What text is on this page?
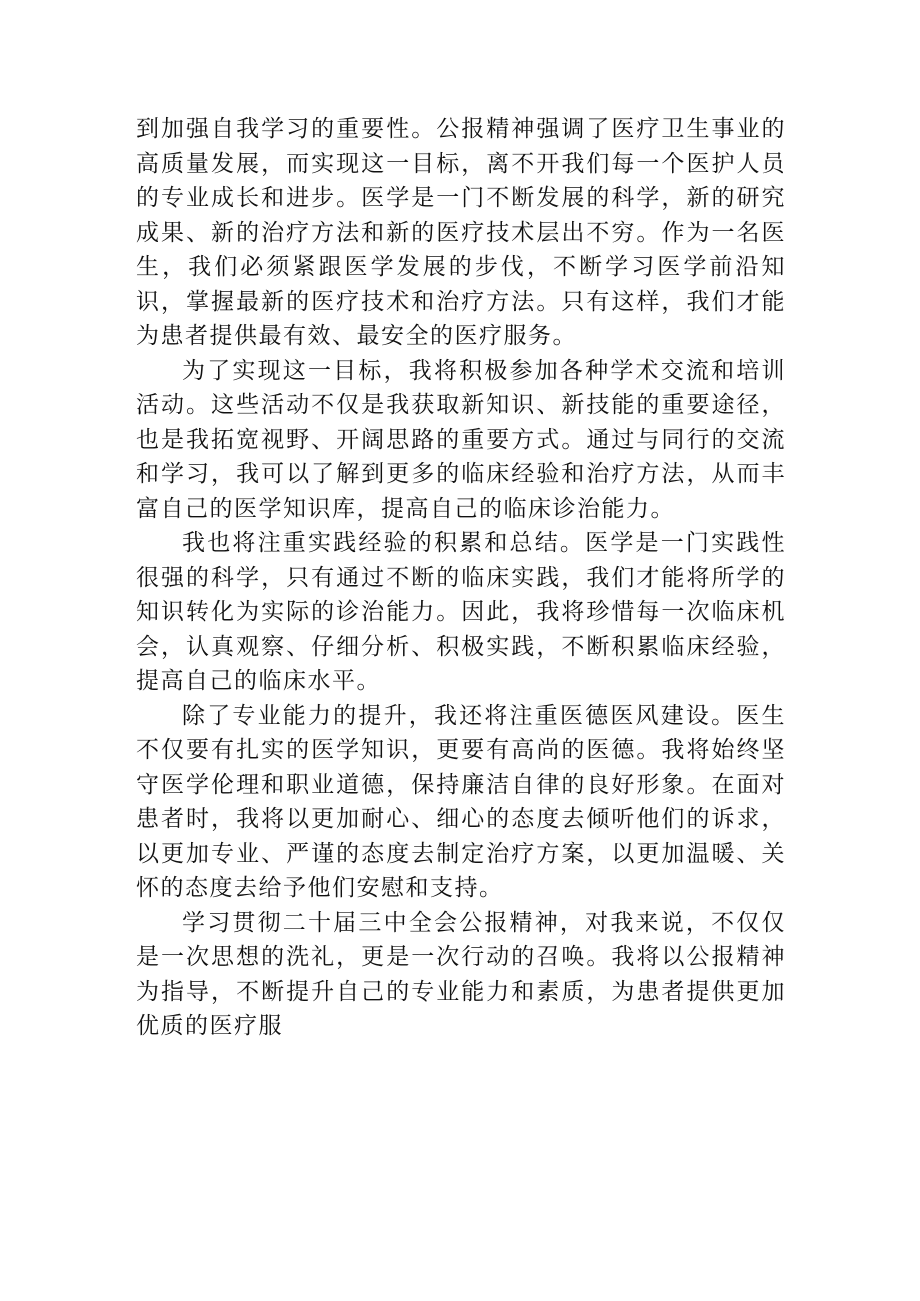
到加强自我学习的重要性。公报精神强调了医疗卫生事业的高质量发展，而实现这一目标，离不开我们每一个医护人员的专业成长和进步。医学是一门不断发展的科学，新的研究成果、新的治疗方法和新的医疗技术层出不穷。作为一名医生，我们必须紧跟医学发展的步伐，不断学习医学前沿知识，掌握最新的医疗技术和治疗方法。只有这样，我们才能为患者提供最有效、最安全的医疗服务。

为了实现这一目标，我将积极参加各种学术交流和培训活动。这些活动不仅是我获取新知识、新技能的重要途径，也是我拓宽视野、开阔思路的重要方式。通过与同行的交流和学习，我可以了解到更多的临床经验和治疗方法，从而丰富自己的医学知识库，提高自己的临床诊治能力。

我也将注重实践经验的积累和总结。医学是一门实践性很强的科学，只有通过不断的临床实践，我们才能将所学的知识转化为实际的诊治能力。因此，我将珍惜每一次临床机会，认真观察、仔细分析、积极实践，不断积累临床经验，提高自己的临床水平。

除了专业能力的提升，我还将注重医德医风建设。医生不仅要有扎实的医学知识，更要有高尚的医德。我将始终坚守医学伦理和职业道德，保持廉洁自律的良好形象。在面对患者时，我将以更加耐心、细心的态度去倾听他们的诉求，以更加专业、严谨的态度去制定治疗方案，以更加温暖、关怀的态度去给予他们安慰和支持。

学习贯彻二十届三中全会公报精神，对我来说，不仅仅是一次思想的洗礼，更是一次行动的召唤。我将以公报精神为指导，不断提升自己的专业能力和素质，为患者提供更加优质的医疗服
